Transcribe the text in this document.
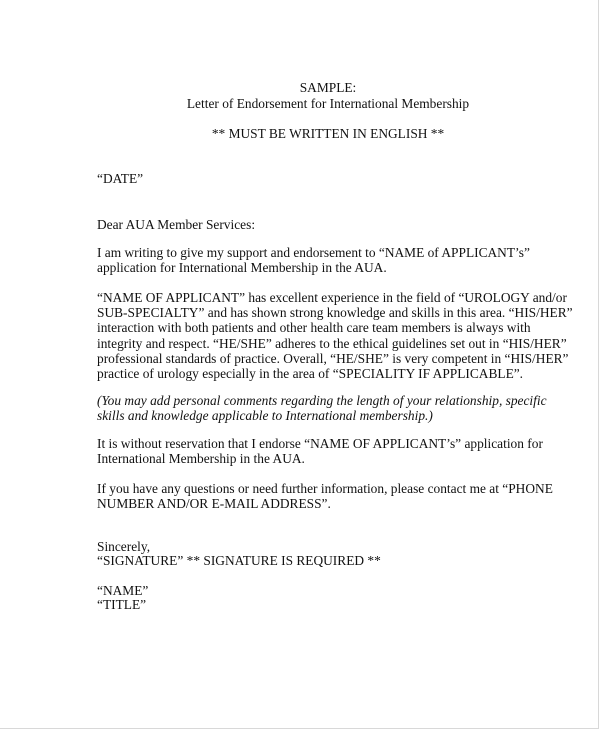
SAMPLE:
Letter of Endorsement for International Membership
** MUST BE WRITTEN IN ENGLISH **
“DATE”
Dear AUA Member Services:
I am writing to give my support and endorsement to “NAME of APPLICANT’s”
application for International Membership in the AUA.
“NAME OF APPLICANT” has excellent experience in the field of “UROLOGY and/or
SUB-SPECIALTY” and has shown strong knowledge and skills in this area. “HIS/HER”
interaction with both patients and other health care team members is always with
integrity and respect. “HE/SHE” adheres to the ethical guidelines set out in “HIS/HER”
professional standards of practice. Overall, “HE/SHE” is very competent in “HIS/HER”
practice of urology especially in the area of “SPECIALITY IF APPLICABLE”.
(You may add personal comments regarding the length of your relationship, specific
skills and knowledge applicable to International membership.)
It is without reservation that I endorse “NAME OF APPLICANT’s” application for
International Membership in the AUA.
If you have any questions or need further information, please contact me at “PHONE
NUMBER AND/OR E-MAIL ADDRESS”.
Sincerely,
“SIGNATURE” ** SIGNATURE IS REQUIRED **
“NAME”
“TITLE”
